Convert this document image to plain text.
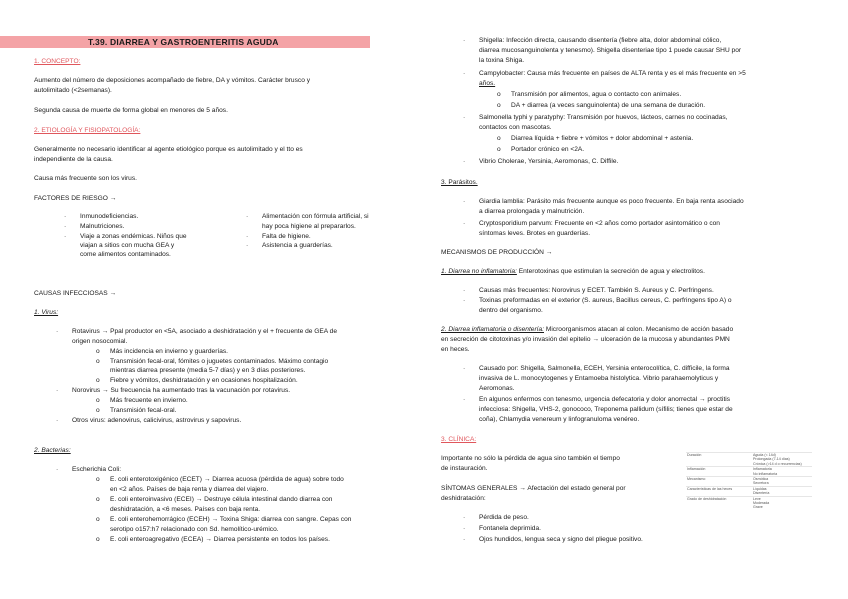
T.39. DIARREA Y GASTROENTERITIS AGUDA

1. CONCEPTO:

Aumento del número de deposiciones acompañado de fiebre, DA y vómitos. Carácter brusco y

autolimitado (<2semanas).

Segunda causa de muerte de forma global en menores de 5 años.

2. ETIOLOGÍA Y FISIOPATOLOGÍA:

Generalmente no necesario identificar al agente etiológico porque es autolimitado y el tto es

independiente de la causa.

Causa más frecuente son los virus.

FACTORES DE RIESGO →

· Inmunodeficiencias.

· Malnutriciones.

· Viaje a zonas endémicas. Niños que

viajan a sitios con mucha GEA y

come alimentos contaminados.

· Alimentación con fórmula artificial, si

hay poca higiene al prepararlos.

· Falta de higiene.

· Asistencia a guarderías.

CAUSAS INFECCIOSAS →

1. Virus:

· Rotavirus → Ppal productor en <5A, asociado a deshidratación y el + frecuente de GEA de

origen nosocomial.

o Más incidencia en invierno y guarderías.

o Transmisión fecal-oral, fómites o juguetes contaminados. Máximo contagio

mientras diarrea presente (media 5-7 días) y en 3 días posteriores.

o Fiebre y vómitos, deshidratación y en ocasiones hospitalización.

· Norovirus → Su frecuencia ha aumentado tras la vacunación por rotavirus.

o Más frecuente en invierno.

o Transmisión fecal-oral.

· Otros virus: adenovirus, calicivirus, astrovirus y sapovirus.

2. Bacterias:

· Escherichia Coli:

o E. coli enterotoxigénico (ECET) → Diarrea acuosa (pérdida de agua) sobre todo

en <2 años. Países de baja renta y diarrea del viajero.

o E. coli enteroinvasivo (ECEI) → Destruye célula intestinal dando diarrea con

deshidratación, a <6 meses. Países con baja renta.

o E. coli enterohemorrágico (ECEH) → Toxina Shiga: diarrea con sangre. Cepas con

serotipo o157:h7 relacionado con Sd. hemolítico-urémico.

o E. coli enteroagregativo (ECEA) → Diarrea persistente en todos los países.

· Shigella: Infección directa, causando disentería (fiebre alta, dolor abdominal cólico,

diarrea mucosanguinolenta y tenesmo). Shigella disenteriae tipo 1 puede causar SHU por

la toxina Shiga.

· Campylobacter: Causa más frecuente en países de ALTA renta y es el más frecuente en >5

años.

o Transmisión por alimentos, agua o contacto con animales.

o DA + diarrea (a veces sanguinolenta) de una semana de duración.

· Salmonella typhi y paratyphy: Transmisión por huevos, lácteos, carnes no cocinadas,

contactos con mascotas.

o Diarrea líquida + fiebre + vómitos + dolor abdominal + astenia.

o Portador crónico en <2A.

· Vibrio Cholerae, Yersinia, Aeromonas, C. Diffile.

3. Parásitos.

· Giardia lamblia: Parásito más frecuente aunque es poco frecuente. En baja renta asociado

a diarrea prolongada y malnutrición.

· Cryptosporidium parvum: Frecuente en <2 años como portador asintomático o con

síntomas leves. Brotes en guarderías.

MECANISMOS DE PRODUCCIÓN →

1. Diarrea no inflamatoria: Enterotoxinas que estimulan la secreción de agua y electrolitos.

· Causas más frecuentes: Norovirus y ECET. También S. Aureus y C. Perfringens.

· Toxinas preformadas en el exterior (S. aureus, Bacillus cereus, C. perfringens tipo A) o

dentro del organismo.

2. Diarrea inflamatoria o disentería: Microorganismos atacan al colon. Mecanismo de acción basado

en secreción de citotoxinas y/o invasión del epitelio → ulceración de la mucosa y abundantes PMN

en heces.

· Causado por: Shigella, Salmonella, ECEH, Yersinia enterocolítica, C. difficile, la forma

invasiva de L. monocytogenes y Entamoeba histolytica. Vibrio parahaemolyticus y

Aeromonas.

· En algunos enfermos con tenesmo, urgencia defecatoria y dolor anorrectal → proctitis

infecciosa: Shigella, VHS-2, gonococo, Treponema pallidum (sífilis; tienes que estar de

coña), Chlamydia venereum y linfogranuloma venéreo.

3. CLÍNICA:

Importante no sólo la pérdida de agua sino también el tiempo

de instauración.

SÍNTOMAS GENERALES → Afectación del estado general por

deshidratación:

· Pérdida de peso.

· Fontanela deprimida.

· Ojos hundidos, lengua seca y signo del pliegue positivo.

Duración	Aguda (< 14d)
Prolongada (7-14 días)
Crónica (>14 d o recurrencias)

Inflamación	Inflamatoria
No inflamatoria

Mecanismo	Osmótica
Secretora

Características de las heces	Líquidas
Disentería

Grado de deshidratación	Leve
Moderada
Grave
